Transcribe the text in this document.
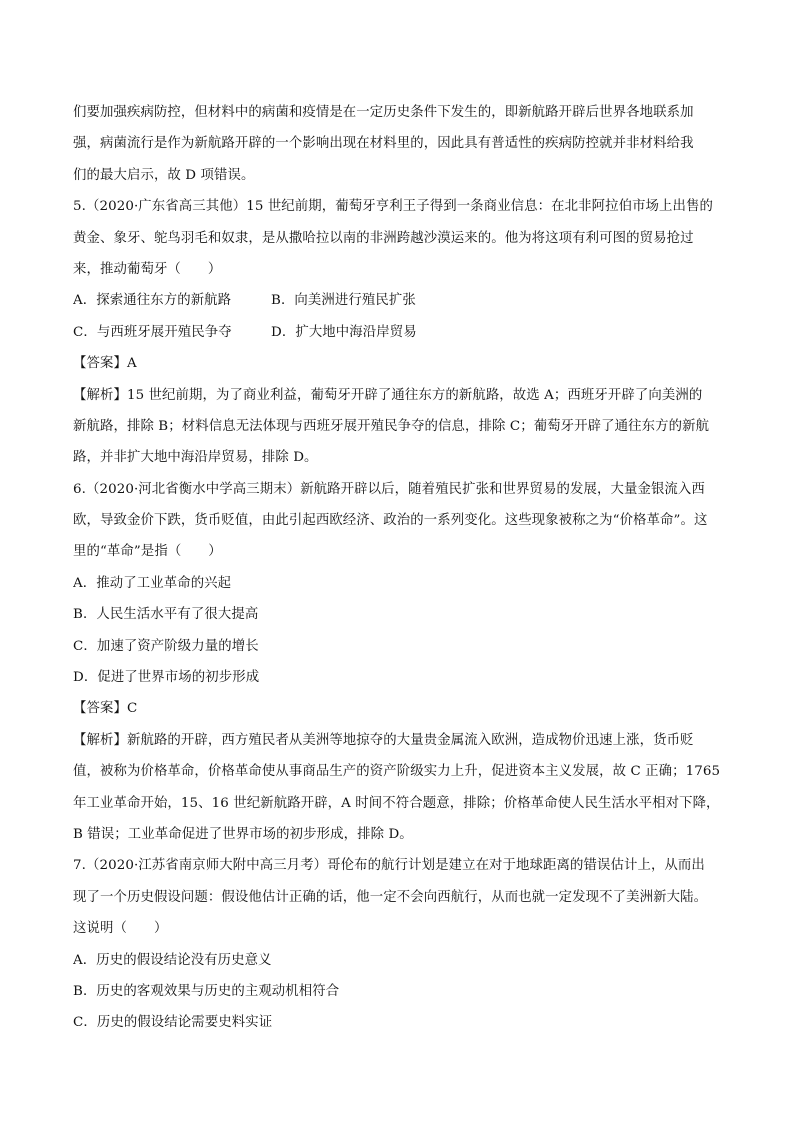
们要加强疾病防控，但材料中的病菌和疫情是在一定历史条件下发生的，即新航路开辟后世界各地联系加
强，病菌流行是作为新航路开辟的一个影响出现在材料里的，因此具有普适性的疾病防控就并非材料给我
们的最大启示，故 D 项错误。
5.（2020·广东省高三其他）15 世纪前期，葡萄牙亨利王子得到一条商业信息：在北非阿拉伯市场上出售的
黄金、象牙、鸵鸟羽毛和奴隶，是从撒哈拉以南的非洲跨越沙漠运来的。他为将这项有利可图的贸易抢过
来，推动葡萄牙（　　）
A．探索通往东方的新航路	B．向美洲进行殖民扩张
C．与西班牙展开殖民争夺	D．扩大地中海沿岸贸易
【答案】A
【解析】15 世纪前期，为了商业利益，葡萄牙开辟了通往东方的新航路，故选 A；西班牙开辟了向美洲的
新航路，排除 B；材料信息无法体现与西班牙展开殖民争夺的信息，排除 C；葡萄牙开辟了通往东方的新航
路，并非扩大地中海沿岸贸易，排除 D。
6.（2020·河北省衡水中学高三期末）新航路开辟以后，随着殖民扩张和世界贸易的发展，大量金银流入西
欧，导致金价下跌，货币贬值，由此引起西欧经济、政治的一系列变化。这些现象被称之为“价格革命”。这
里的“革命”是指（　　）
A．推动了工业革命的兴起
B．人民生活水平有了很大提高
C．加速了资产阶级力量的增长
D．促进了世界市场的初步形成
【答案】C
【解析】新航路的开辟，西方殖民者从美洲等地掠夺的大量贵金属流入欧洲，造成物价迅速上涨，货币贬
值，被称为价格革命，价格革命使从事商品生产的资产阶级实力上升，促进资本主义发展，故 C 正确；1765
年工业革命开始，15、16 世纪新航路开辟，A 时间不符合题意，排除；价格革命使人民生活水平相对下降，
B 错误；工业革命促进了世界市场的初步形成，排除 D。
7.（2020·江苏省南京师大附中高三月考）哥伦布的航行计划是建立在对于地球距离的错误估计上，从而出
现了一个历史假设问题：假设他估计正确的话，他一定不会向西航行，从而也就一定发现不了美洲新大陆。
这说明（　　）
A．历史的假设结论没有历史意义
B．历史的客观效果与历史的主观动机相符合
C．历史的假设结论需要史料实证
